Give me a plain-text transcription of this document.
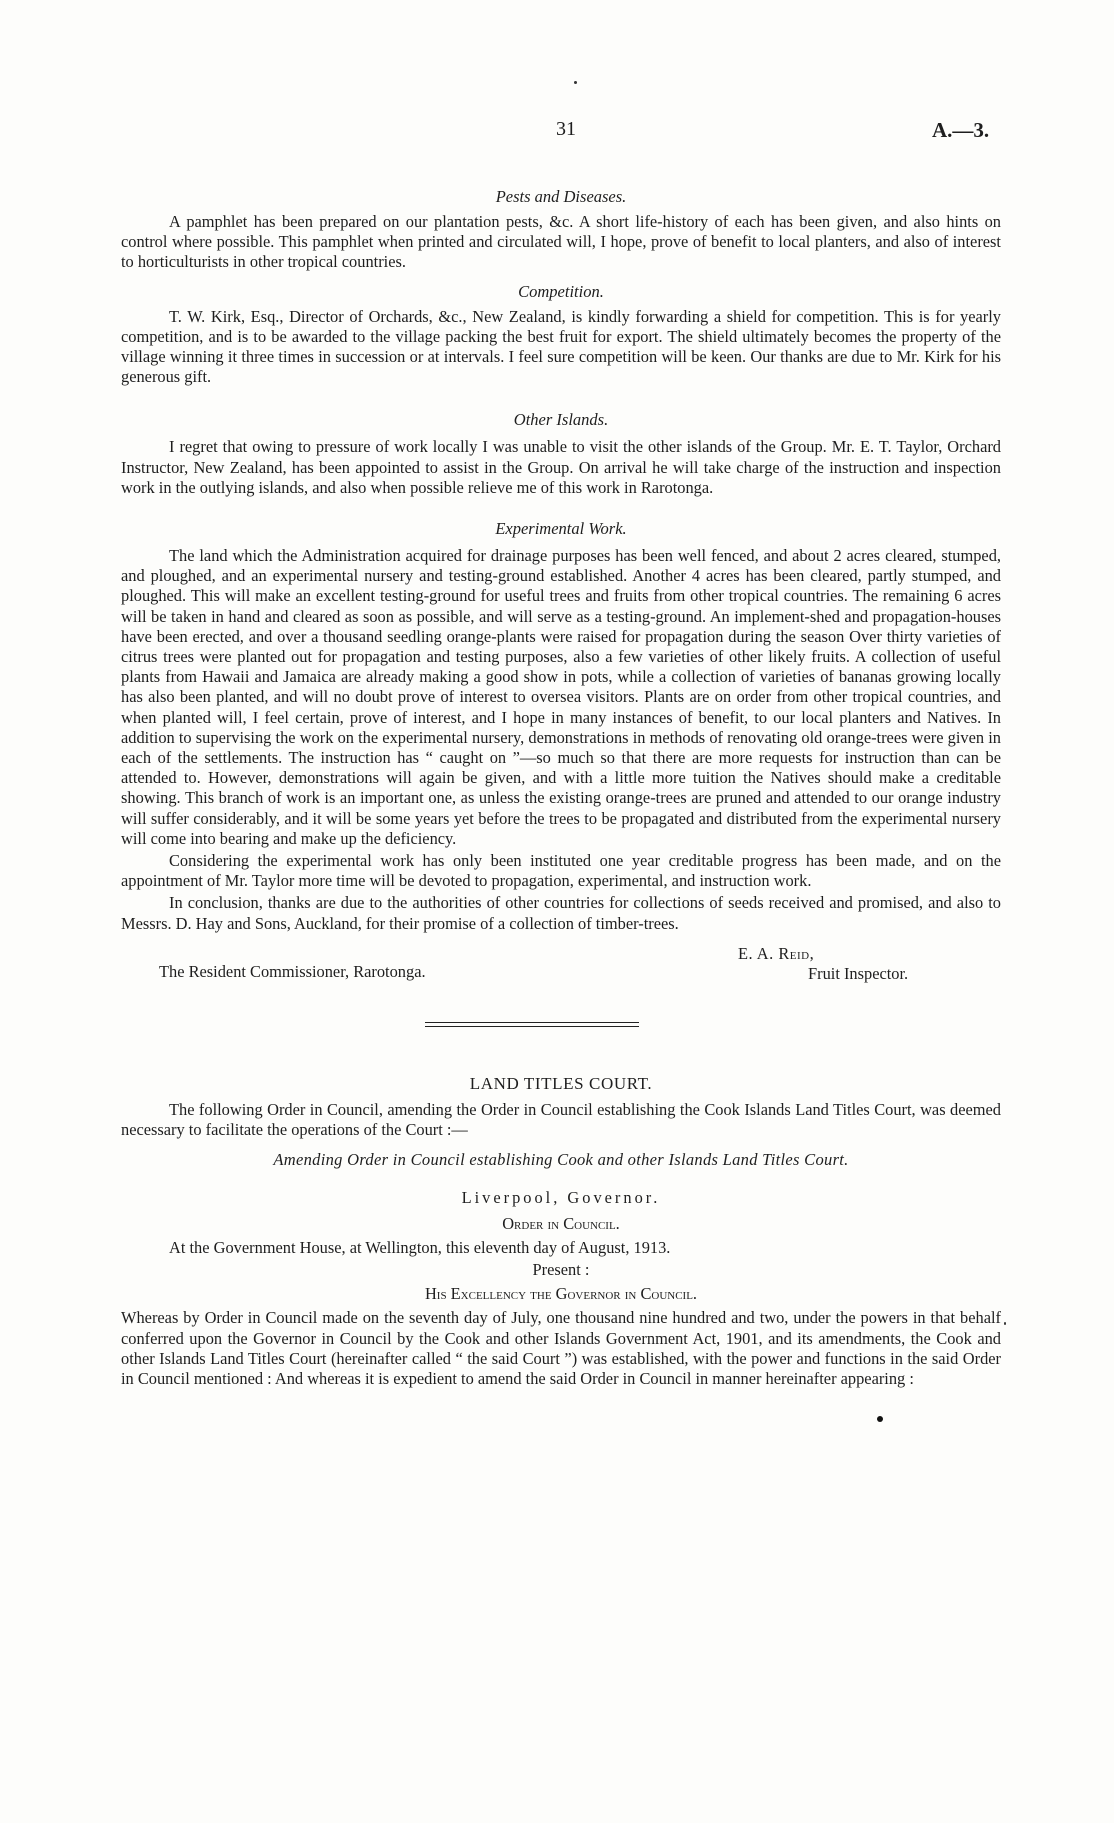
31	A.—3.
Pests and Diseases.

A pamphlet has been prepared on our plantation pests, &c. A short life-history of each has been given, and also hints on control where possible. This pamphlet when printed and circulated will, I hope, prove of benefit to local planters, and also of interest to horticulturists in other tropical countries.

Competition.

T. W. Kirk, Esq., Director of Orchards, &c., New Zealand, is kindly forwarding a shield for competition. This is for yearly competition, and is to be awarded to the village packing the best fruit for export. The shield ultimately becomes the property of the village winning it three times in succession or at intervals. I feel sure competition will be keen. Our thanks are due to Mr. Kirk for his generous gift.

Other Islands.

I regret that owing to pressure of work locally I was unable to visit the other islands of the Group. Mr. E. T. Taylor, Orchard Instructor, New Zealand, has been appointed to assist in the Group. On arrival he will take charge of the instruction and inspection work in the outlying islands, and also when possible relieve me of this work in Rarotonga.

Experimental Work.

The land which the Administration acquired for drainage purposes has been well fenced, and about 2 acres cleared, stumped, and ploughed, and an experimental nursery and testing-ground established. Another 4 acres has been cleared, partly stumped, and ploughed. This will make an excellent testing-ground for useful trees and fruits from other tropical countries. The remaining 6 acres will be taken in hand and cleared as soon as possible, and will serve as a testing-ground. An implement-shed and propagation-houses have been erected, and over a thousand seedling orange-plants were raised for propagation during the season Over thirty varieties of citrus trees were planted out for propagation and testing purposes, also a few varieties of other likely fruits. A collection of useful plants from Hawaii and Jamaica are already making a good show in pots, while a collection of varieties of bananas growing locally has also been planted, and will no doubt prove of interest to oversea visitors. Plants are on order from other tropical countries, and when planted will, I feel certain, prove of interest, and I hope in many instances of benefit, to our local planters and Natives. In addition to supervising the work on the experimental nursery, demonstrations in methods of renovating old orange-trees were given in each of the settlements. The instruction has “ caught on ”—so much so that there are more requests for instruction than can be attended to. However, demonstrations will again be given, and with a little more tuition the Natives should make a creditable showing. This branch of work is an important one, as unless the existing orange-trees are pruned and attended to our orange industry will suffer considerably, and it will be some years yet before the trees to be propagated and distributed from the experimental nursery will come into bearing and make up the deficiency.

Considering the experimental work has only been instituted one year creditable progress has been made, and on the appointment of Mr. Taylor more time will be devoted to propagation, experimental, and instruction work.

In conclusion, thanks are due to the authorities of other countries for collections of seeds received and promised, and also to Messrs. D. Hay and Sons, Auckland, for their promise of a collection of timber-trees.

E. A. Reid,
Fruit Inspector.
The Resident Commissioner, Rarotonga.
LAND TITLES COURT.

The following Order in Council, amending the Order in Council establishing the Cook Islands Land Titles Court, was deemed necessary to facilitate the operations of the Court :—

Amending Order in Council establishing Cook and other Islands Land Titles Court.
Liverpool, Governor.
Order in Council.
At the Government House, at Wellington, this eleventh day of August, 1913.
Present :
His Excellency the Governor in Council.

Whereas by Order in Council made on the seventh day of July, one thousand nine hundred and two, under the powers in that behalf conferred upon the Governor in Council by the Cook and other Islands Government Act, 1901, and its amendments, the Cook and other Islands Land Titles Court (hereinafter called “ the said Court ”) was established, with the power and functions in the said Order in Council mentioned : And whereas it is expedient to amend the said Order in Council in manner hereinafter appearing :
